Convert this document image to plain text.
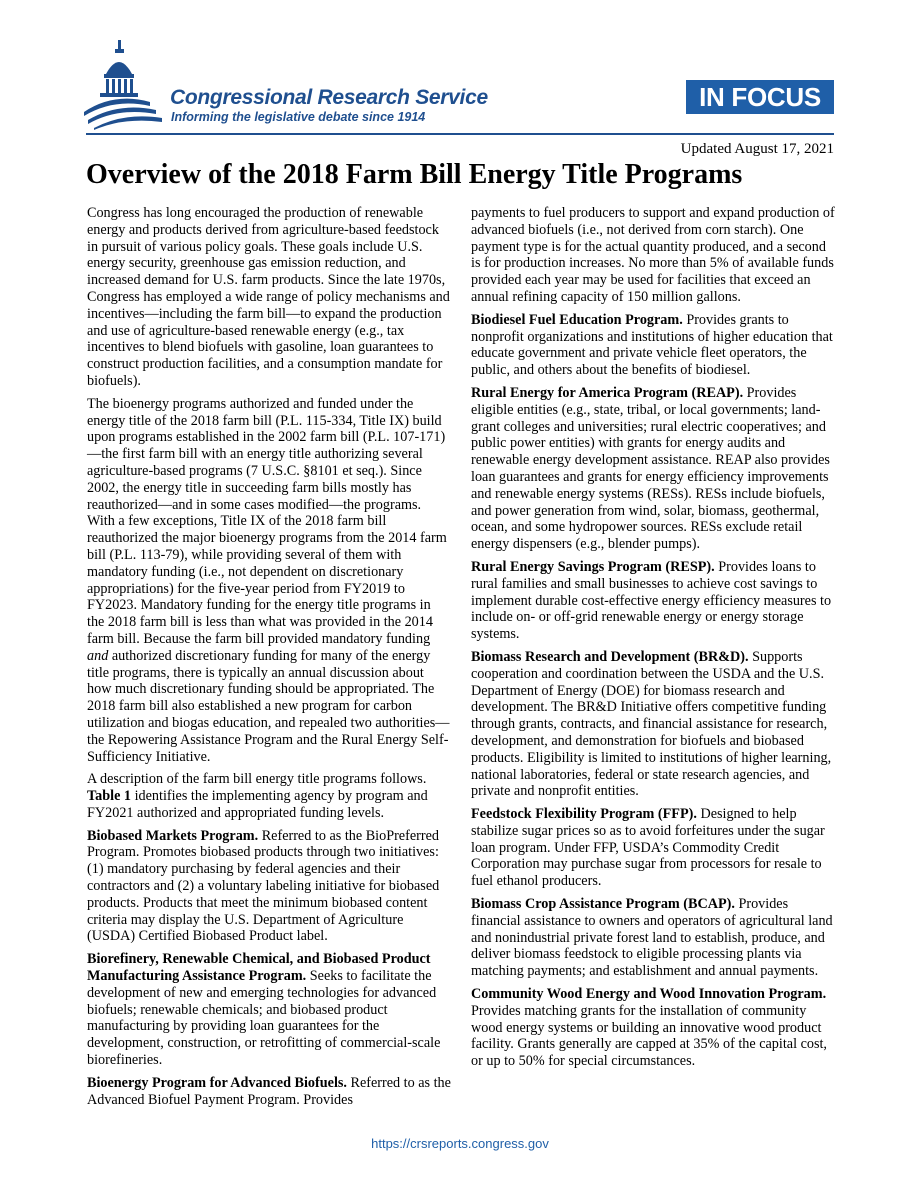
Congressional Research Service
Informing the legislative debate since 1914
IN FOCUS
Updated August 17, 2021
Overview of the 2018 Farm Bill Energy Title Programs

Congress has long encouraged the production of renewable energy and products derived from agriculture-based feedstock in pursuit of various policy goals. These goals include U.S. energy security, greenhouse gas emission reduction, and increased demand for U.S. farm products. Since the late 1970s, Congress has employed a wide range of policy mechanisms and incentives—including the farm bill—to expand the production and use of agriculture-based renewable energy (e.g., tax incentives to blend biofuels with gasoline, loan guarantees to construct production facilities, and a consumption mandate for biofuels).

The bioenergy programs authorized and funded under the energy title of the 2018 farm bill (P.L. 115-334, Title IX) build upon programs established in the 2002 farm bill (P.L. 107-171)—the first farm bill with an energy title authorizing several agriculture-based programs (7 U.S.C. §8101 et seq.). Since 2002, the energy title in succeeding farm bills mostly has reauthorized—and in some cases modified—the programs. With a few exceptions, Title IX of the 2018 farm bill reauthorized the major bioenergy programs from the 2014 farm bill (P.L. 113-79), while providing several of them with mandatory funding (i.e., not dependent on discretionary appropriations) for the five-year period from FY2019 to FY2023. Mandatory funding for the energy title programs in the 2018 farm bill is less than what was provided in the 2014 farm bill. Because the farm bill provided mandatory funding and authorized discretionary funding for many of the energy title programs, there is typically an annual discussion about how much discretionary funding should be appropriated. The 2018 farm bill also established a new program for carbon utilization and biogas education, and repealed two authorities—the Repowering Assistance Program and the Rural Energy Self-Sufficiency Initiative.

A description of the farm bill energy title programs follows. Table 1 identifies the implementing agency by program and FY2021 authorized and appropriated funding levels.

Biobased Markets Program. Referred to as the BioPreferred Program. Promotes biobased products through two initiatives: (1) mandatory purchasing by federal agencies and their contractors and (2) a voluntary labeling initiative for biobased products. Products that meet the minimum biobased content criteria may display the U.S. Department of Agriculture (USDA) Certified Biobased Product label.

Biorefinery, Renewable Chemical, and Biobased Product Manufacturing Assistance Program. Seeks to facilitate the development of new and emerging technologies for advanced biofuels; renewable chemicals; and biobased product manufacturing by providing loan guarantees for the development, construction, or retrofitting of commercial-scale biorefineries.

Bioenergy Program for Advanced Biofuels. Referred to as the Advanced Biofuel Payment Program. Provides

payments to fuel producers to support and expand production of advanced biofuels (i.e., not derived from corn starch). One payment type is for the actual quantity produced, and a second is for production increases. No more than 5% of available funds provided each year may be used for facilities that exceed an annual refining capacity of 150 million gallons.

Biodiesel Fuel Education Program. Provides grants to nonprofit organizations and institutions of higher education that educate government and private vehicle fleet operators, the public, and others about the benefits of biodiesel.

Rural Energy for America Program (REAP). Provides eligible entities (e.g., state, tribal, or local governments; land-grant colleges and universities; rural electric cooperatives; and public power entities) with grants for energy audits and renewable energy development assistance. REAP also provides loan guarantees and grants for energy efficiency improvements and renewable energy systems (RESs). RESs include biofuels, and power generation from wind, solar, biomass, geothermal, ocean, and some hydropower sources. RESs exclude retail energy dispensers (e.g., blender pumps).

Rural Energy Savings Program (RESP). Provides loans to rural families and small businesses to achieve cost savings to implement durable cost-effective energy efficiency measures to include on- or off-grid renewable energy or energy storage systems.

Biomass Research and Development (BR&D). Supports cooperation and coordination between the USDA and the U.S. Department of Energy (DOE) for biomass research and development. The BR&D Initiative offers competitive funding through grants, contracts, and financial assistance for research, development, and demonstration for biofuels and biobased products. Eligibility is limited to institutions of higher learning, national laboratories, federal or state research agencies, and private and nonprofit entities.

Feedstock Flexibility Program (FFP). Designed to help stabilize sugar prices so as to avoid forfeitures under the sugar loan program. Under FFP, USDA’s Commodity Credit Corporation may purchase sugar from processors for resale to fuel ethanol producers.

Biomass Crop Assistance Program (BCAP). Provides financial assistance to owners and operators of agricultural land and nonindustrial private forest land to establish, produce, and deliver biomass feedstock to eligible processing plants via matching payments; and establishment and annual payments.

Community Wood Energy and Wood Innovation Program. Provides matching grants for the installation of community wood energy systems or building an innovative wood product facility. Grants generally are capped at 35% of the capital cost, or up to 50% for special circumstances.

https://crsreports.congress.gov
